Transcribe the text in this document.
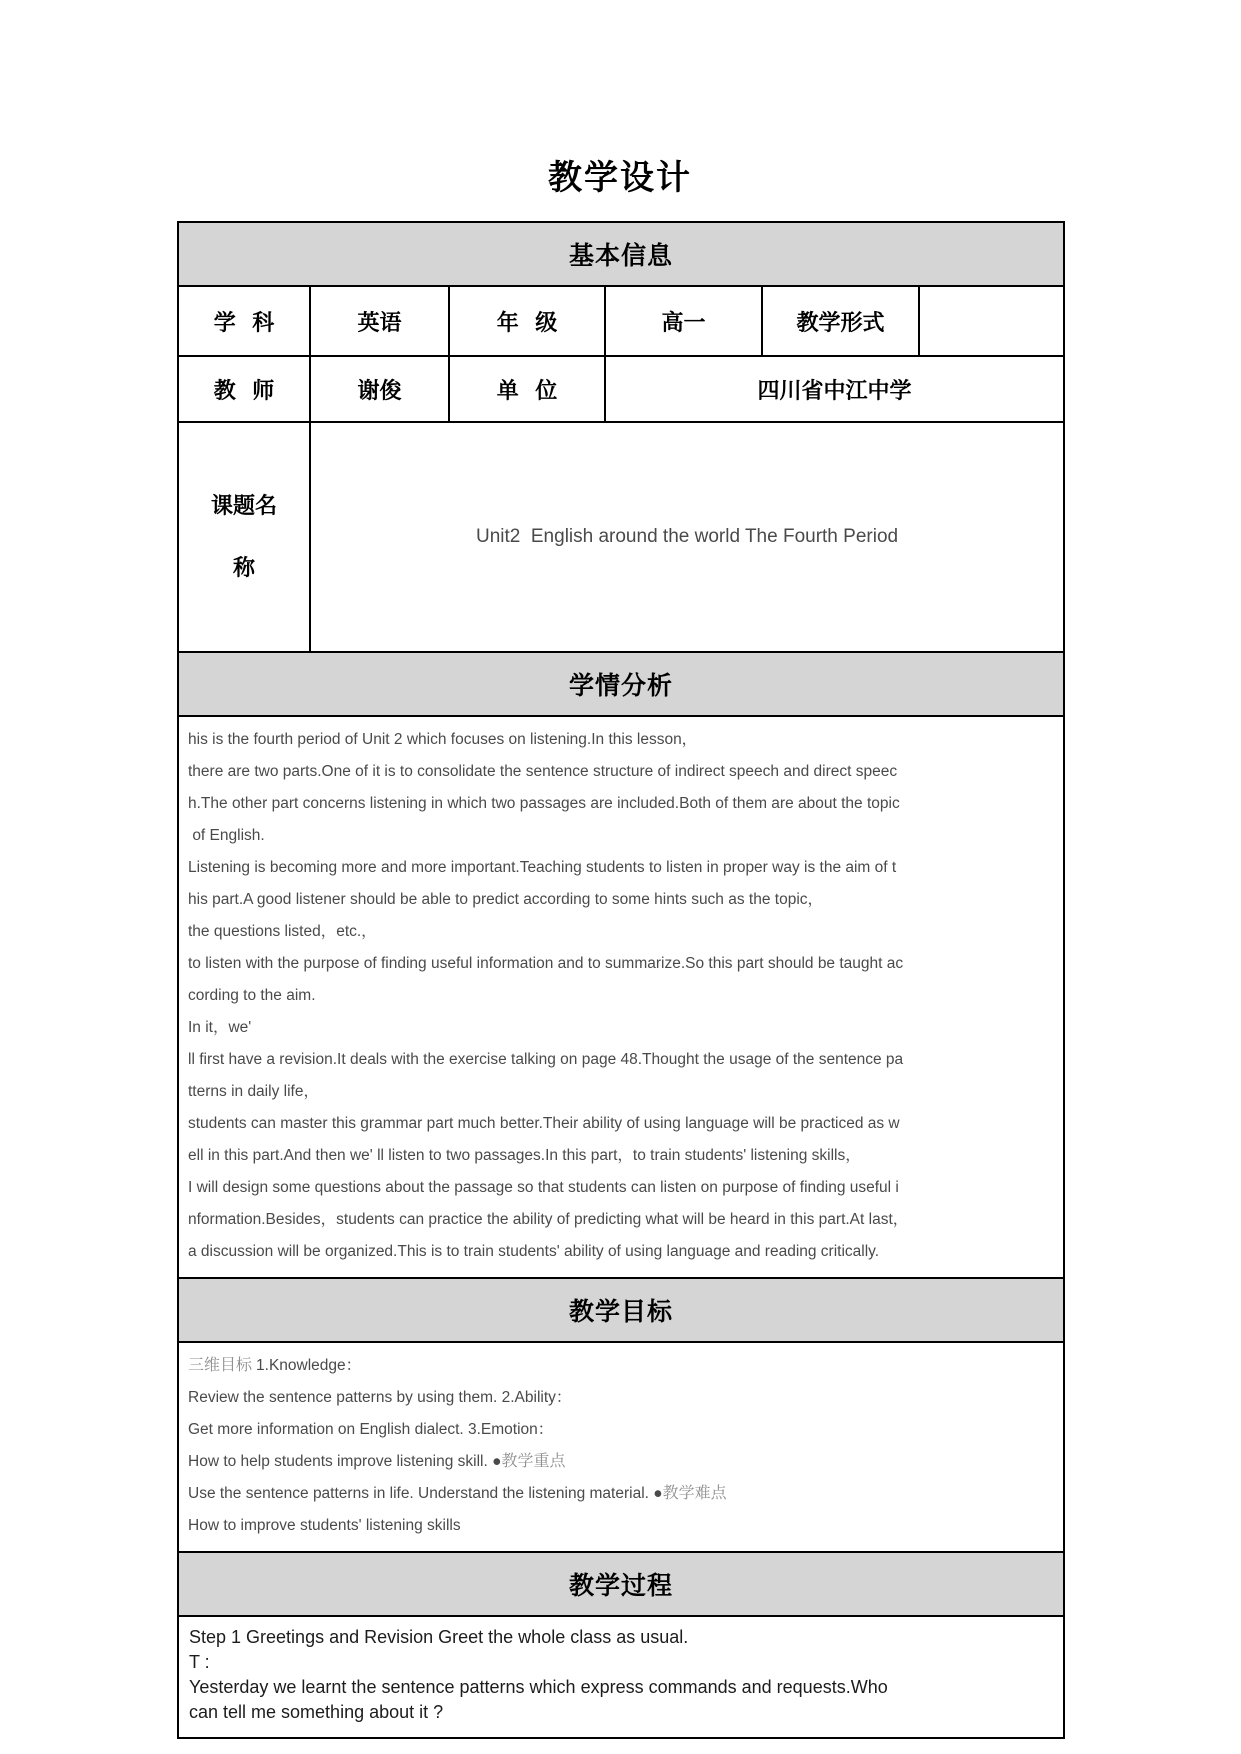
教学设计
基本信息					
学   科	英语	年   级	高一	教学形式	
教   师	谢俊	单   位	四川省中江中学		

课题名称	Unit2  English around the world The Fourth Period				
学情分析					

his is the fourth period of Unit 2 which focuses on listening.In this lesson，
there are two parts.One of it is to consolidate the sentence structure of indirect speech and direct speec
h.The other part concerns listening in which two passages are included.Both of them are about the topic
of English.
Listening is becoming more and more important.Teaching students to listen in proper way is the aim of t
his part.A good listener should be able to predict according to some hints such as the topic，
the questions listed，etc.，
to listen with the purpose of finding useful information and to summarize.So this part should be taught ac
cording to the aim.
In it，we'
ll first have a revision.It deals with the exercise talking on page 48.Thought the usage of the sentence pa
tterns in daily life，
students can master this grammar part much better.Their ability of using language will be practiced as w
ell in this part.And then we' ll listen to two passages.In this part，to train students' listening skills，
I will design some questions about the passage so that students can listen on purpose of finding useful i
nformation.Besides，students can practice the ability of predicting what will be heard in this part.At last，
a discussion will be organized.This is to train students' ability of using language and reading critically.

教学目标					

三维目标 1.Knowledge：
Review the sentence patterns by using them. 2.Ability：
Get more information on English dialect. 3.Emotion：
How to help students improve listening skill. ●教学重点
Use the sentence patterns in life. Understand the listening material. ●教学难点
How to improve students' listening skills

教学过程					

Step 1 Greetings and Revision Greet the whole class as usual.
T :
Yesterday we learnt the sentence patterns which express commands and requests.Who
can tell me something about it ?					
